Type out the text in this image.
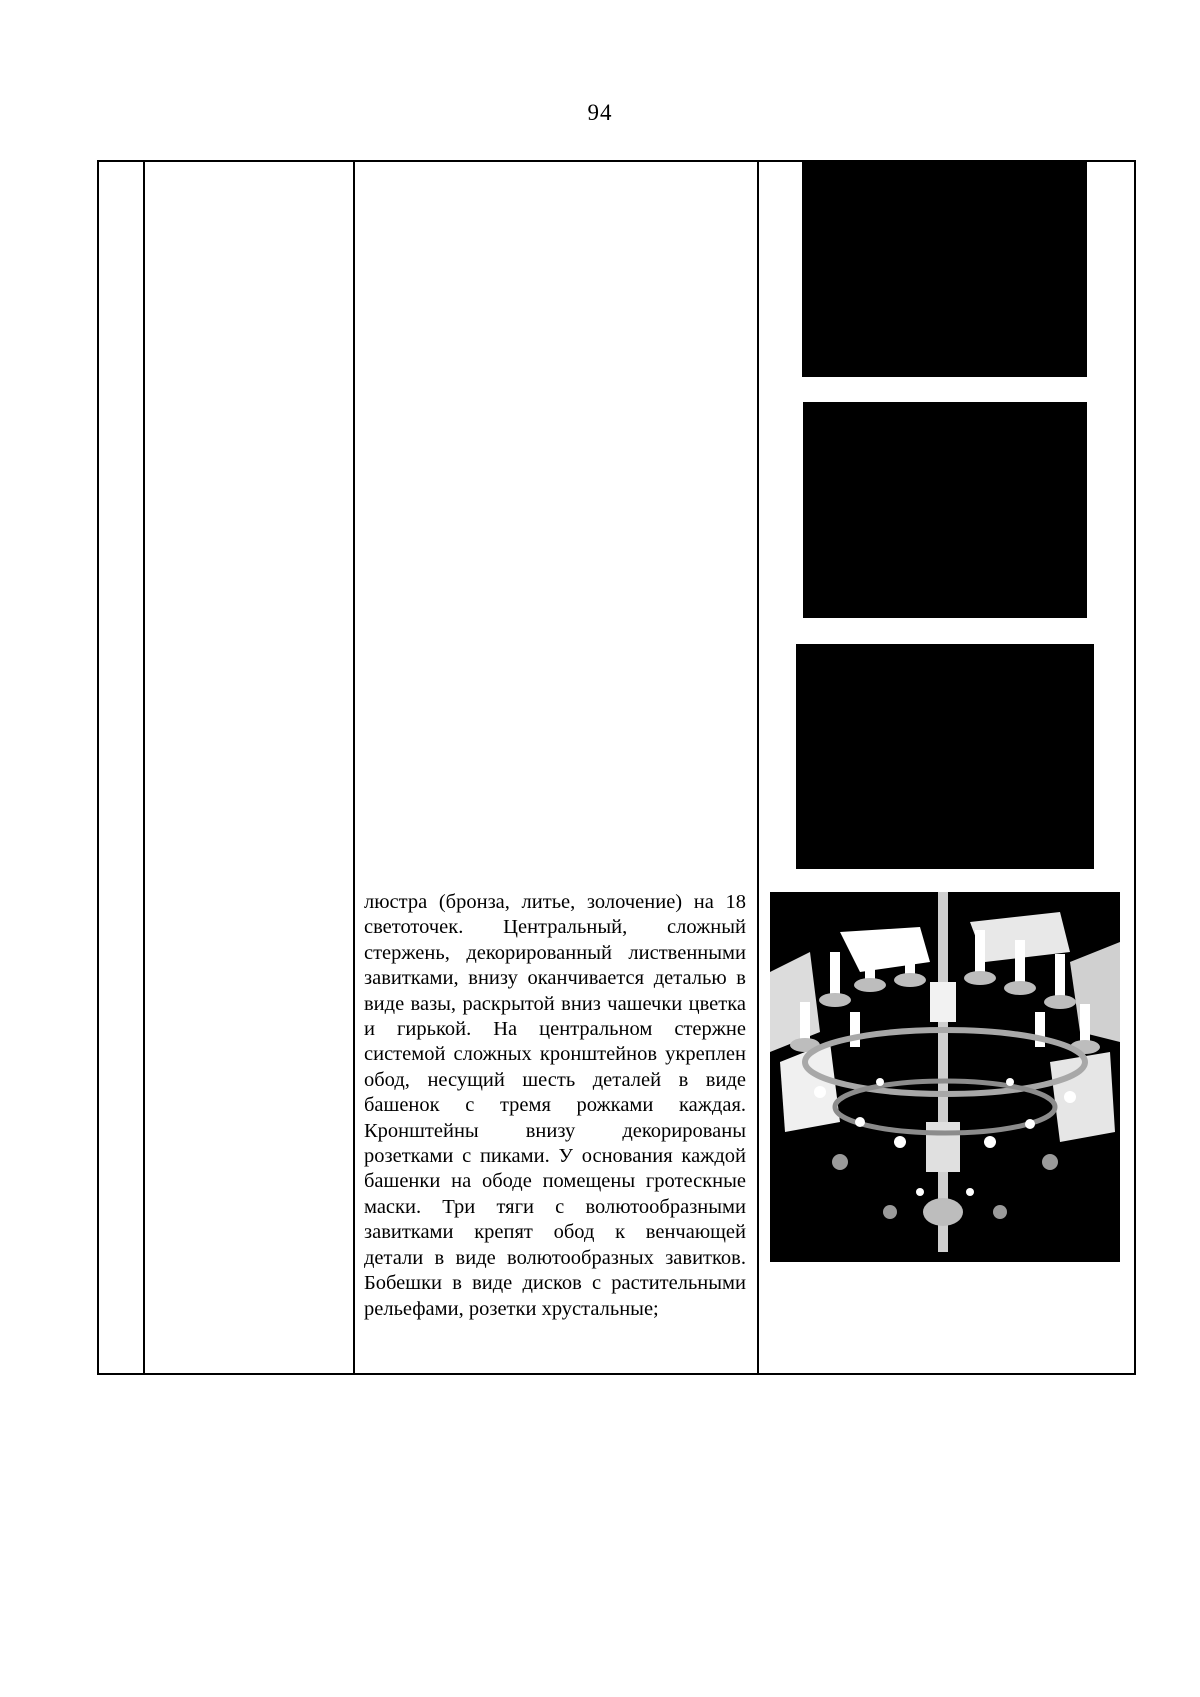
94

люстра (бронза, литье, золочение) на 18 светоточек. Центральный, сложный стержень, декорированный лиственными завитками, внизу оканчивается деталью в виде вазы, раскрытой вниз чашечки цветка и гирькой. На центральном стержне системой сложных кронштейнов укреплен обод, несущий шесть деталей в виде башенок с тремя рожками каждая. Кронштейны внизу декорированы розетками с пиками. У основания каждой башенки на ободе помещены гротескные маски. Три тяги с волютообразными завитками крепят обод к венчающей детали в виде волютообразных завитков. Бобешки в виде дисков с растительными рельефами, розетки хрустальные;
